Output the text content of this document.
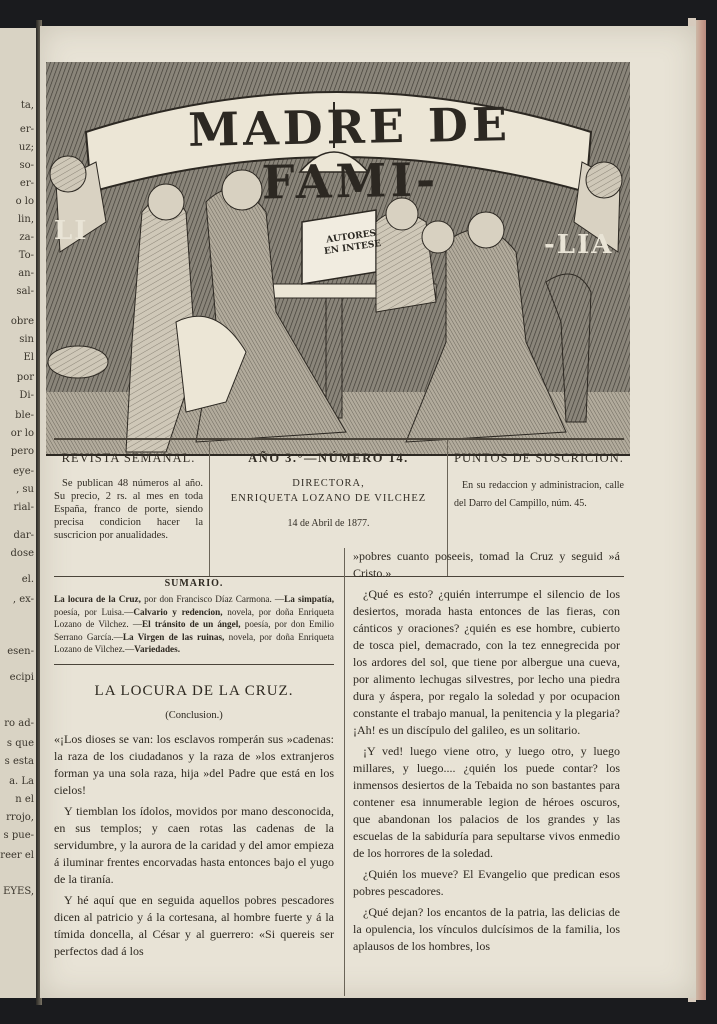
ta,
er-
uz;
so-
er-
o lo
lin,
za-
To-
an-
sal-
obre
sin
El
por
Di-
ble-
or lo
pero
eye-
, su
rial-
dar-
dose
el.
, ex-
esen-
ecipi
ro ad-
s que
s esta
a. La
n el
rrojo,
s pue-
reer el
EYES,
MADRE DE FAMI-
LI	-LIA
AUTORES EN INTESE
REVISTA SEMANAL.
Se publican 48 números al año. Su precio, 2 rs. al mes en toda España, franco de porte, siendo precisa condicion hacer la suscricion por anualidades.
AÑO 3.°—NÚMERO 14.
DIRECTORA,
ENRIQUETA LOZANO DE VILCHEZ
14 de Abril de 1877.
PUNTOS DE SUSCRICION.
En su redaccion y administracion, calle del Darro del Campillo, núm. 45.
SUMARIO.
La locura de la Cruz, por don Francisco Díaz Carmona. —La simpatía, poesía, por Luisa.—Calvario y redencion, novela, por doña Enriqueta Lozano de Vilchez. —El tránsito de un ángel, poesía, por don Emilio Serrano García.—La Virgen de las ruinas, novela, por doña Enriqueta Lozano de Vilchez.—Variedades.
LA LOCURA DE LA CRUZ.
(Conclusion.)

«¡Los dioses se van: los esclavos romperán sus »cadenas: la raza de los ciudadanos y la raza de »los extranjeros forman ya una sola raza, hija »del Padre que está en los cielos!

Y tiemblan los ídolos, movidos por mano desconocida, en sus templos; y caen rotas las cadenas de la servidumbre, y la aurora de la caridad y del amor empieza á iluminar frentes encorvadas hasta entonces bajo el yugo de la tiranía.

Y hé aquí que en seguida aquellos pobres pescadores dicen al patricio y á la cortesana, al hombre fuerte y á la tímida doncella, al César y al guerrero: «Si quereis ser perfectos dad á los

»pobres cuanto poseeis, tomad la Cruz y seguid »á Cristo.»

¿Qué es esto? ¿quién interrumpe el silencio de los desiertos, morada hasta entonces de las fieras, con cánticos y oraciones? ¿quién es ese hombre, cubierto de tosca piel, demacrado, con la tez ennegrecida por los ardores del sol, que tiene por albergue una cueva, por alimento lechugas silvestres, por lecho una piedra dura y áspera, por regalo la soledad y por ocupacion constante el trabajo manual, la penitencia y la plegaria? ¡Ah! es un discípulo del galileo, es un solitario.

¡Y ved! luego viene otro, y luego otro, y luego millares, y luego.... ¿quién los puede contar? los inmensos desiertos de la Tebaida no son bastantes para contener esa innumerable legion de héroes oscuros, que abandonan los palacios de los grandes y las escuelas de la sabiduría para sepultarse vivos enmedio de los horrores de la soledad.

¿Quién los mueve? El Evangelio que predican esos pobres pescadores.

¿Qué dejan? los encantos de la patria, las delicias de la opulencia, los vínculos dulcísimos de la familia, los aplausos de los hombres, los
